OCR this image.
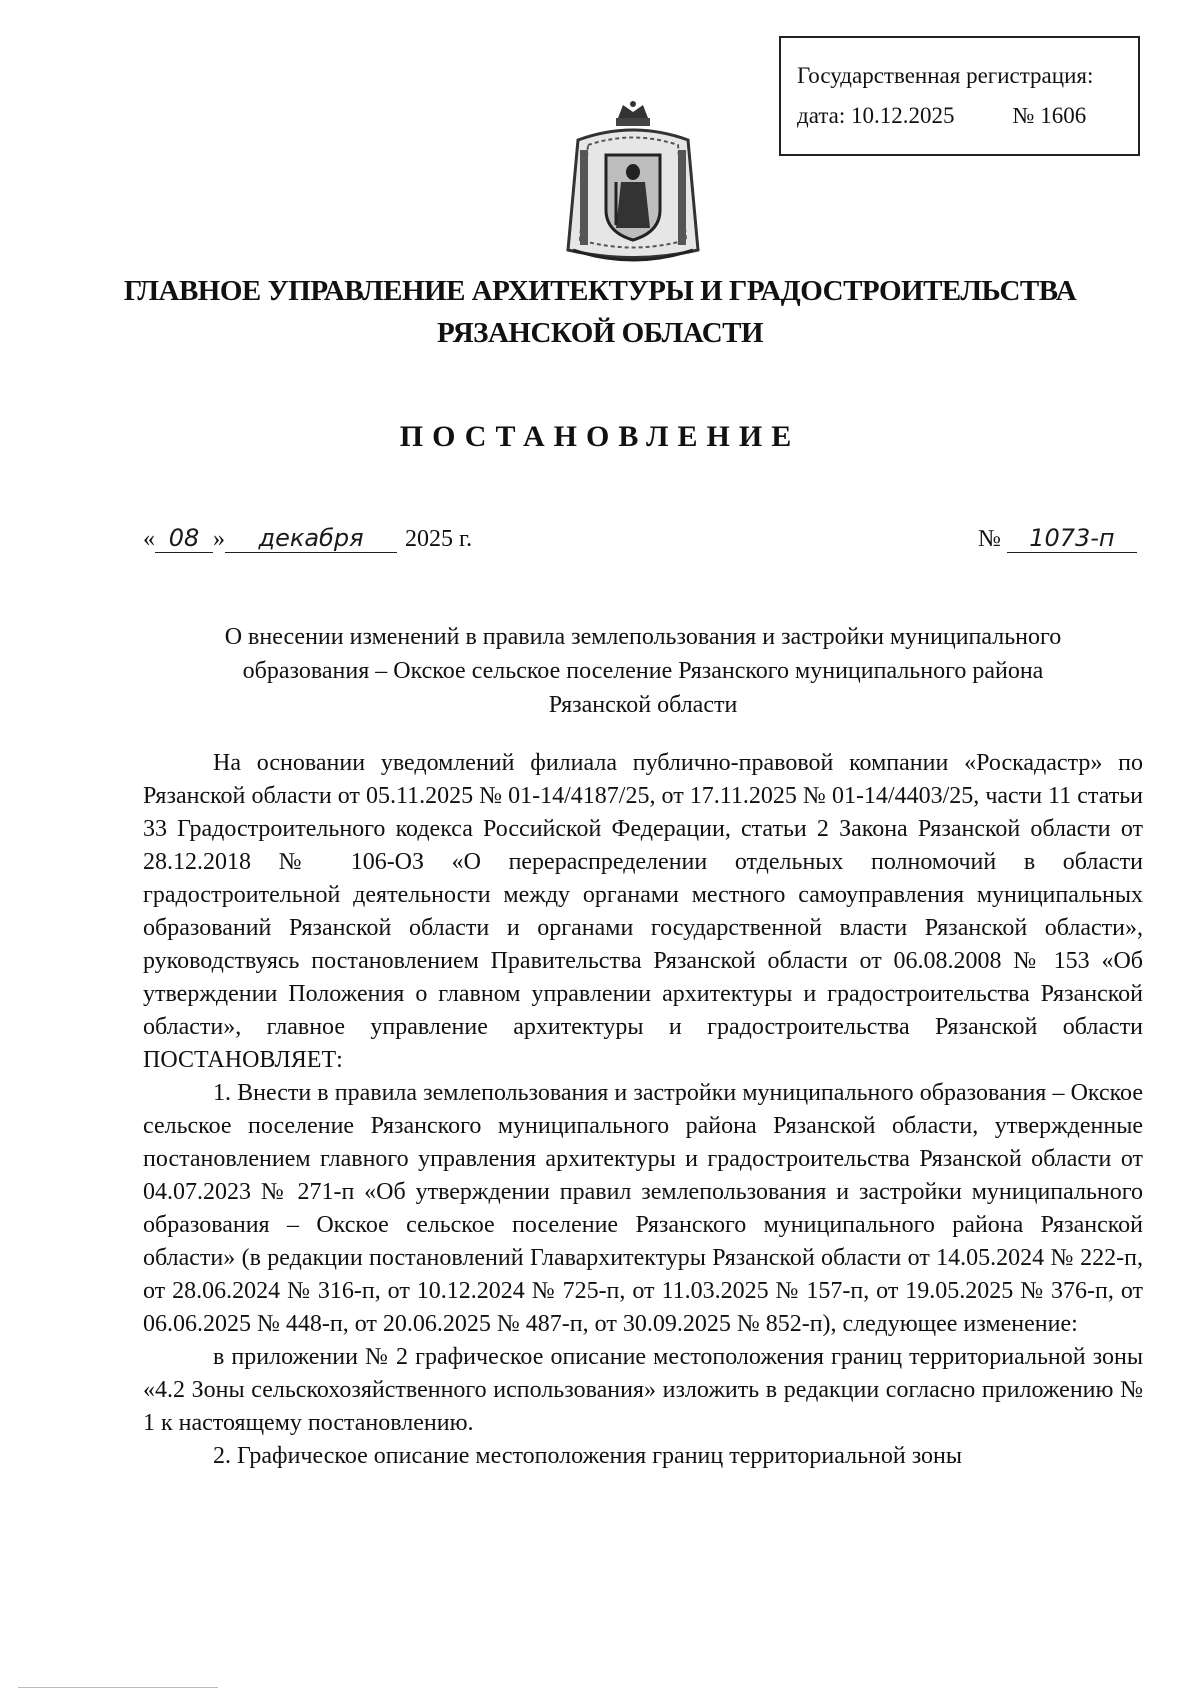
Государственная регистрация:
дата: 10.12.2025	№ 1606
ГЛАВНОЕ УПРАВЛЕНИЕ АРХИТЕКТУРЫ И ГРАДОСТРОИТЕЛЬСТВА
РЯЗАНСКОЙ ОБЛАСТИ
ПОСТАНОВЛЕНИЕ
« 08 »	декабря	2025 г.	№	1073-п
О внесении изменений в правила землепользования и застройки муниципального
образования – Окское сельское поселение Рязанского муниципального района
Рязанской области

На основании уведомлений филиала публично-правовой компании «Роскадастр» по Рязанской области от 05.11.2025 № 01-14/4187/25, от 17.11.2025 № 01-14/4403/25, части 11 статьи 33 Градостроительного кодекса Российской Федерации, статьи 2 Закона Рязанской области от 28.12.2018 № 106-ОЗ «О перераспределении отдельных полномочий в области градостроительной деятельности между органами местного самоуправления муниципальных образований Рязанской области и органами государственной власти Рязанской области», руководствуясь постановлением Правительства Рязанской области от 06.08.2008 № 153 «Об утверждении Положения о главном управлении архитектуры и градостроительства Рязанской области», главное управление архитектуры и градостроительства Рязанской области ПОСТАНОВЛЯЕТ:

1. Внести в правила землепользования и застройки муниципального образования – Окское сельское поселение Рязанского муниципального района Рязанской области, утвержденные постановлением главного управления архитектуры и градостроительства Рязанской области от 04.07.2023 № 271-п «Об утверждении правил землепользования и застройки муниципального образования – Окское сельское поселение Рязанского муниципального района Рязанской области» (в редакции постановлений Главархитектуры Рязанской области от 14.05.2024 № 222-п, от 28.06.2024 № 316-п, от 10.12.2024 № 725-п, от 11.03.2025 № 157-п, от 19.05.2025 № 376-п, от 06.06.2025 № 448-п, от 20.06.2025 № 487-п, от 30.09.2025 № 852-п), следующее изменение:

в приложении № 2 графическое описание местоположения границ территориальной зоны «4.2 Зоны сельскохозяйственного использования» изложить в редакции согласно приложению № 1 к настоящему постановлению.

2. Графическое описание местоположения границ территориальной зоны
